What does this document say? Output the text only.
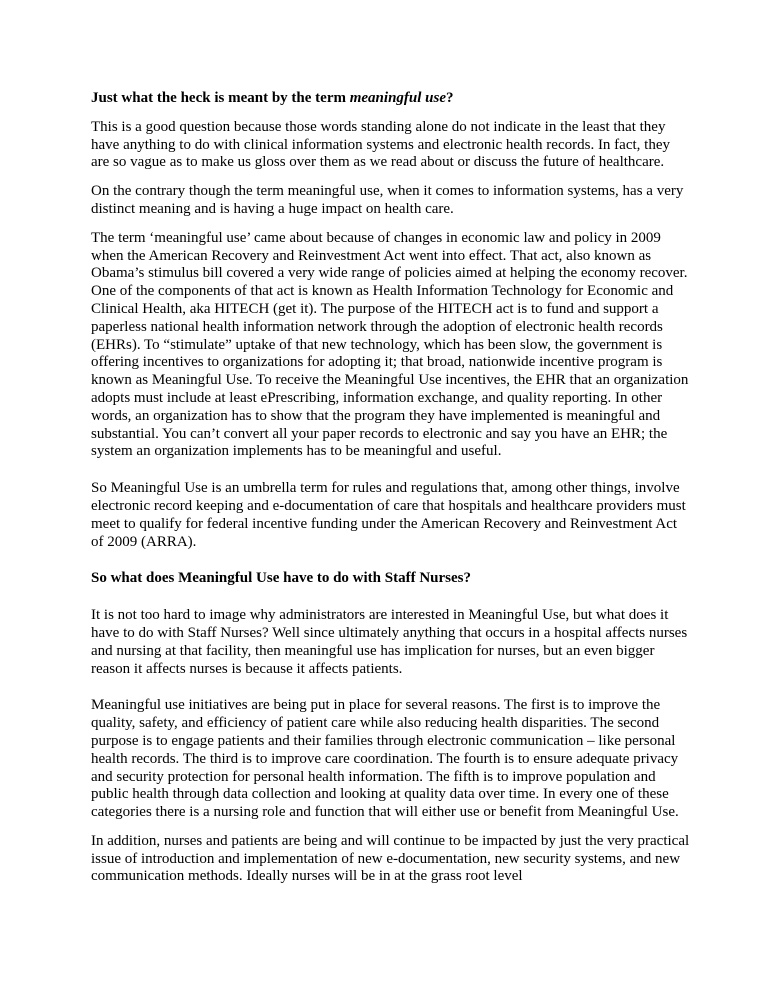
Just what the heck is meant by the term meaningful use?

This is a good question because those words standing alone do not indicate in the least that they have anything to do with clinical information systems and electronic health records. In fact, they are so vague as to make us gloss over them as we read about or discuss the future of healthcare.

On the contrary though the term meaningful use, when it comes to information systems, has a very distinct meaning and is having a huge impact on health care.

The term ‘meaningful use’ came about because of changes in economic law and policy in 2009 when the American Recovery and Reinvestment Act went into effect. That act, also known as Obama’s stimulus bill covered a very wide range of policies aimed at helping the economy recover. One of the components of that act is known as Health Information Technology for Economic and Clinical Health, aka HITECH (get it). The purpose of the HITECH act is to fund and support a paperless national health information network through the adoption of electronic health records (EHRs). To “stimulate” uptake of that new technology, which has been slow, the government is offering incentives to organizations for adopting it; that broad, nationwide incentive program is known as Meaningful Use. To receive the Meaningful Use incentives, the EHR that an organization adopts must include at least ePrescribing, information exchange, and quality reporting. In other words, an organization has to show that the program they have implemented is meaningful and substantial. You can’t convert all your paper records to electronic and say you have an EHR; the system an organization implements has to be meaningful and useful.

So Meaningful Use is an umbrella term for rules and regulations that, among other things, involve electronic record keeping and e-documentation of care that hospitals and healthcare providers must meet to qualify for federal incentive funding under the American Recovery and Reinvestment Act of 2009 (ARRA).

So what does Meaningful Use have to do with Staff Nurses?

It is not too hard to image why administrators are interested in Meaningful Use, but what does it have to do with Staff Nurses? Well since ultimately anything that occurs in a hospital affects nurses and nursing at that facility, then meaningful use has implication for nurses, but an even bigger reason it affects nurses is because it affects patients.

Meaningful use initiatives are being put in place for several reasons. The first is to improve the quality, safety, and efficiency of patient care while also reducing health disparities. The second purpose is to engage patients and their families through electronic communication – like personal health records. The third is to improve care coordination. The fourth is to ensure adequate privacy and security protection for personal health information. The fifth is to improve population and public health through data collection and looking at quality data over time. In every one of these categories there is a nursing role and function that will either use or benefit from Meaningful Use.

In addition, nurses and patients are being and will continue to be impacted by just the very practical issue of introduction and implementation of new e-documentation, new security systems, and new communication methods. Ideally nurses will be in at the grass root level
